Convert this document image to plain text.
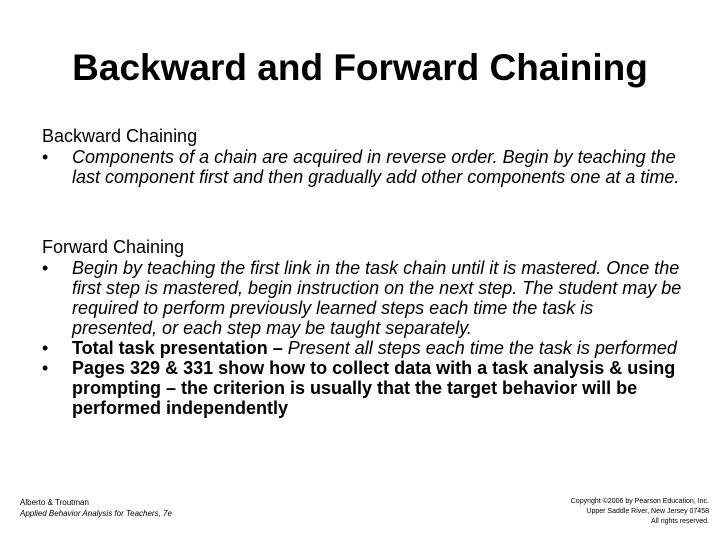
Backward and Forward Chaining
Backward Chaining
•	Components of a chain are acquired in reverse order. Begin by teaching the last component first and then gradually add other components one at a time.
Forward Chaining
•	Begin by teaching the first link in the task chain until it is mastered. Once the first step is mastered, begin instruction on the next step. The student may be required to perform previously learned steps each time the task is presented, or each step may be taught separately.
•	Total task presentation – Present all steps each time the task is performed
•	Pages 329 & 331 show how to collect data with a task analysis & using prompting – the criterion is usually that the target behavior will be performed independently
Alberto & Troutman
Applied Behavior Analysis for Teachers, 7e
Copyright ©2006 by Pearson Education, Inc.
Upper Saddle River, New Jersey 07458
All rights reserved.
